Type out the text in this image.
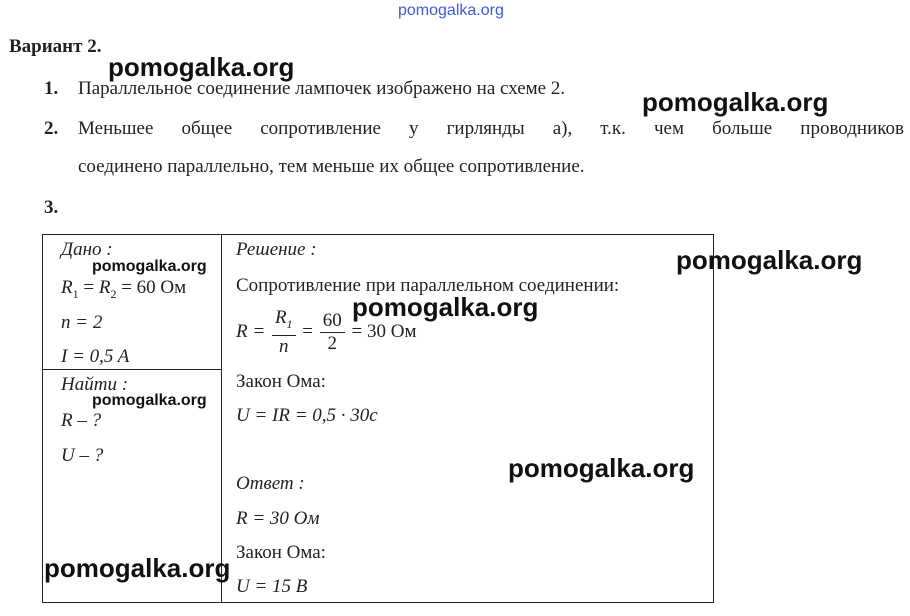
pomogalka.org
Вариант 2.
pomogalka.org
1. Параллельное соединение лампочек изображено на схеме 2.	pomogalka.org
2. Меньшее общее сопротивление у гирлянды а), т.к. чем больше проводников
соединено параллельно, тем меньше их общее сопротивление.
3.
Дано :
$R_1 = R_2 = 60$ Ом
n = 2
I = 0,5 A

Решение :
Сопротивление при параллельном соединении:
$R = \frac{R_1}{n} = \frac{60}{2} = 30$ Ом
Закон Ома:
U = IR = 0,5 · 30с
Ответ :
R = 30 Ом
Закон Ома:
U = 15 В

Найти :
R – ?
U – ?
pomogalka.org	pomogalka.org
pomogalka.org
pomogalka.org
pomogalka.org
pomogalka.org
